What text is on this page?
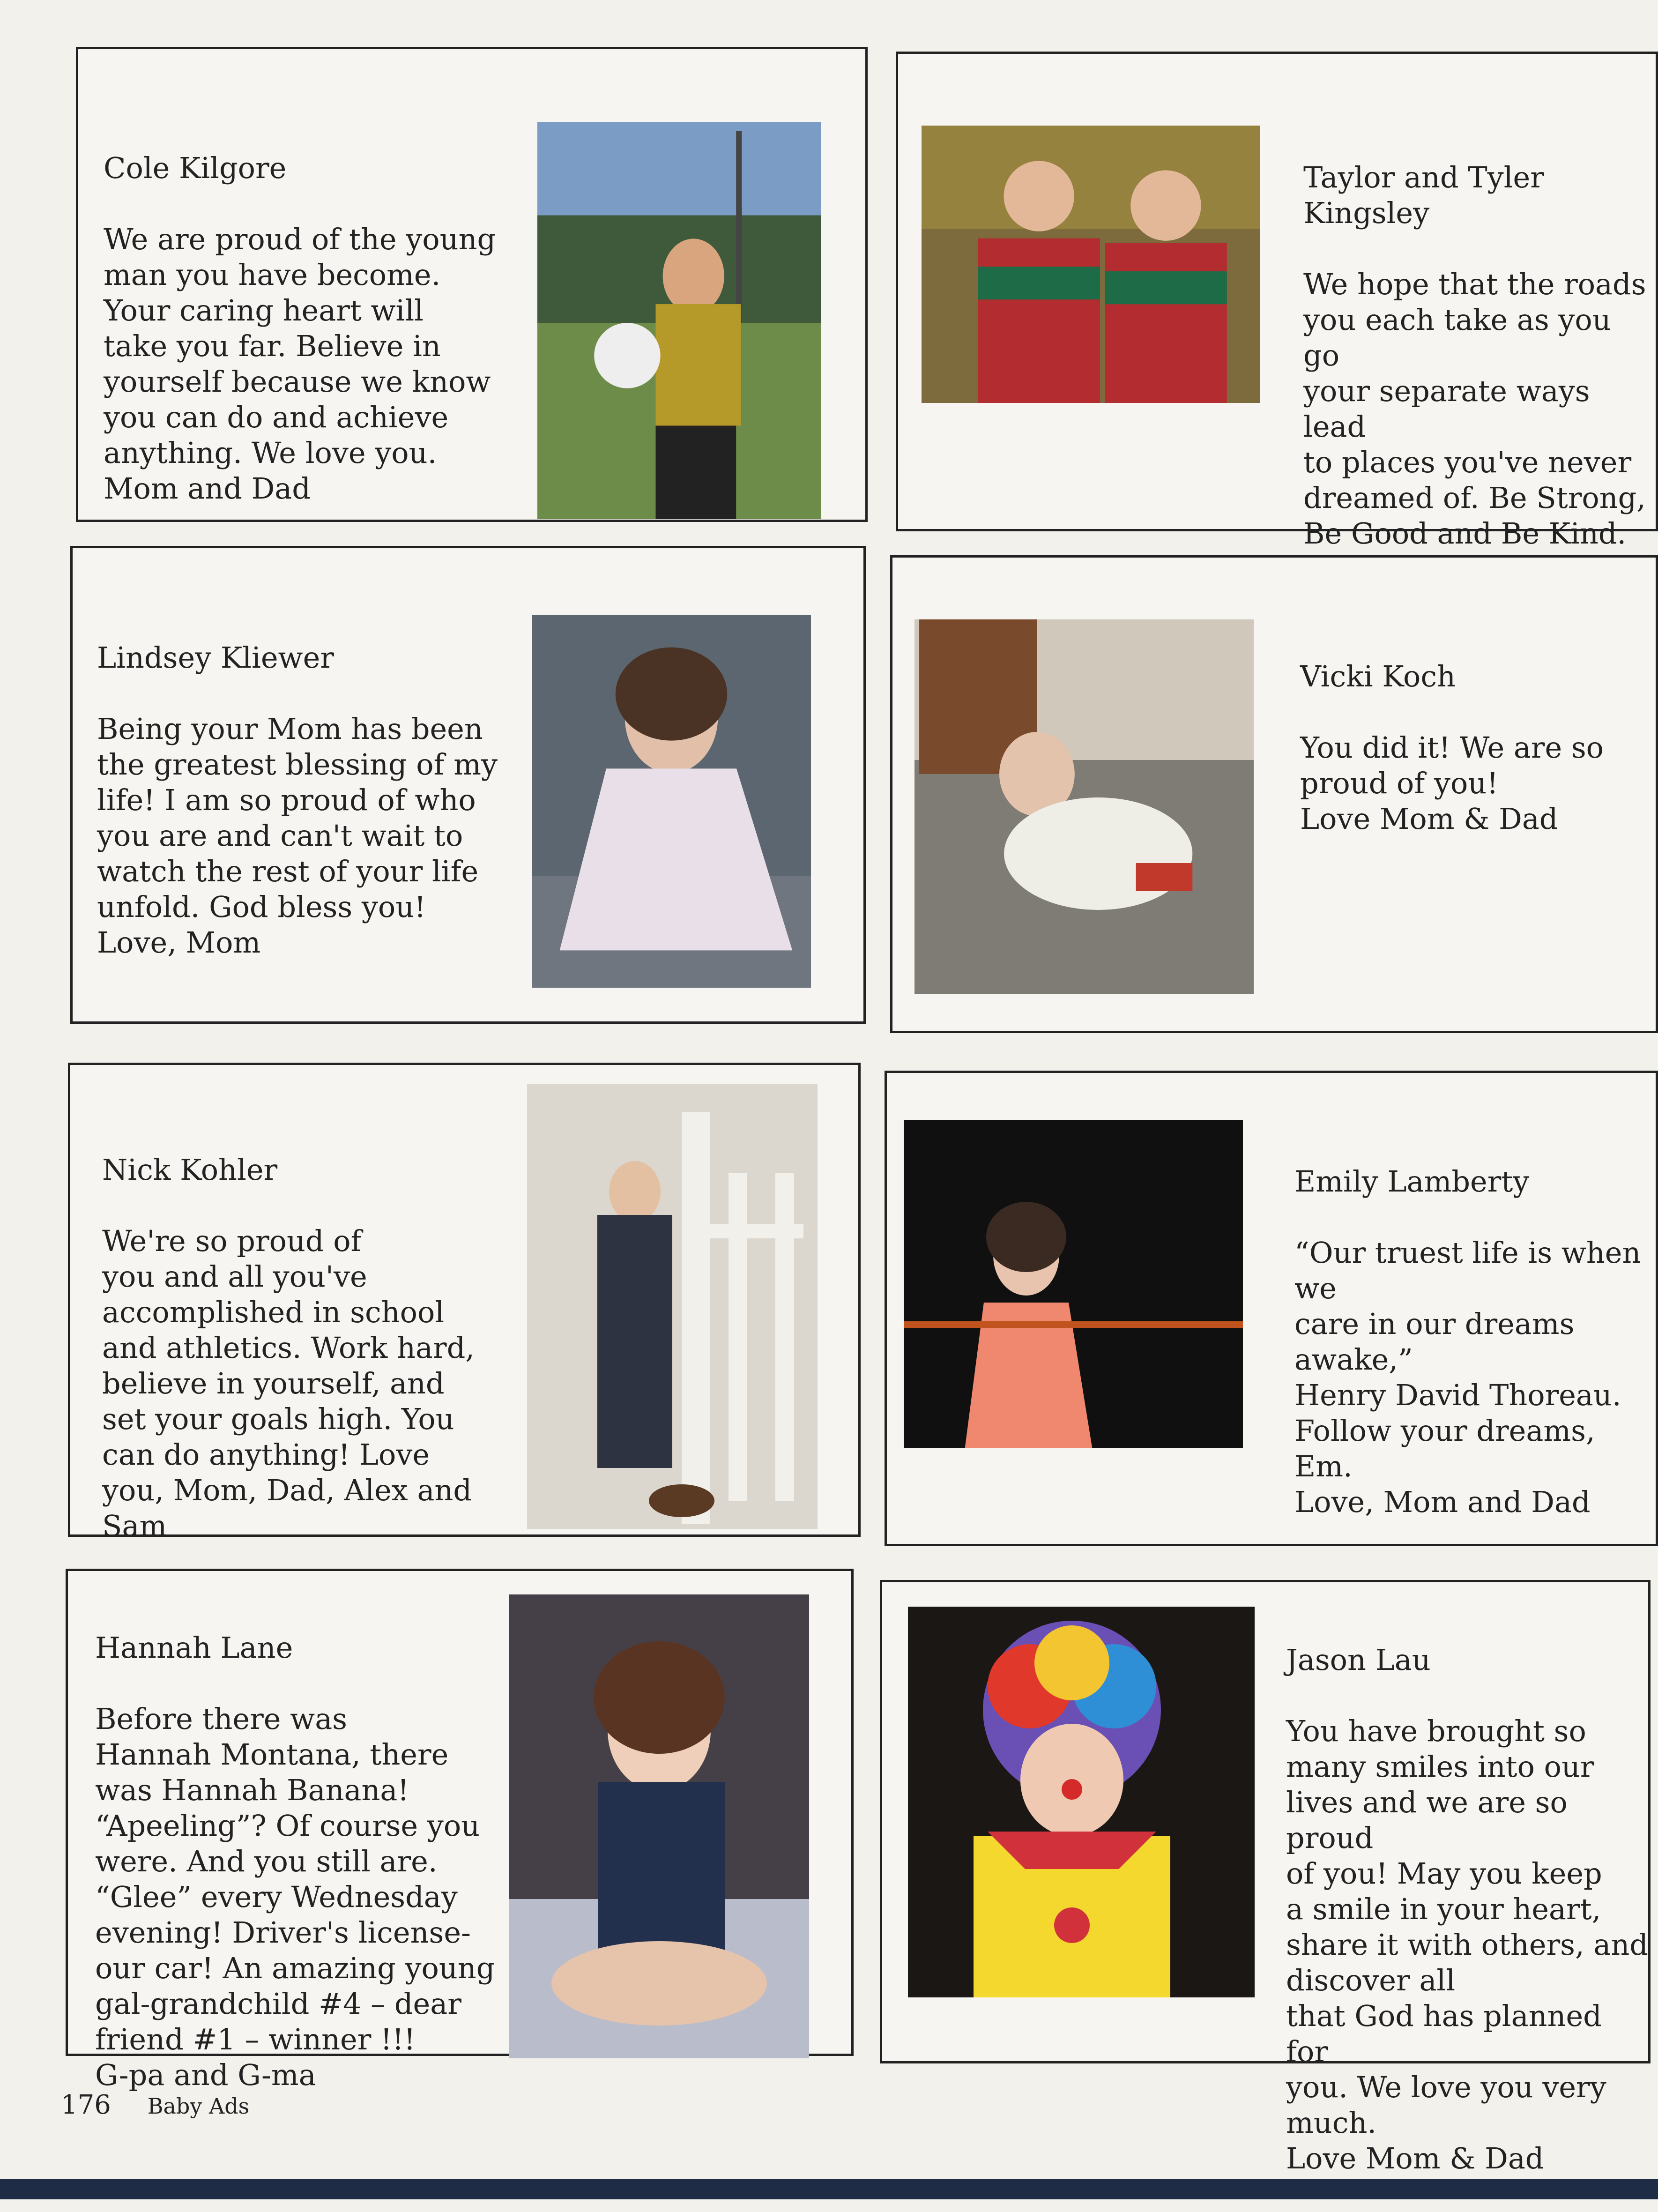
Cole Kilgore

We are proud of the young
man you have become.
Your caring heart will
take you far. Believe in
yourself because we know
you can do and achieve
anything. We love you.
Mom and Dad

Taylor and Tyler Kingsley

We hope that the roads
you each take as you go
your separate ways lead
to places you've never
dreamed of. Be Strong,
Be Good and Be Kind.

Lindsey Kliewer

Being your Mom has been
the greatest blessing of my
life! I am so proud of who
you are and can't wait to
watch the rest of your life
unfold. God bless you!
Love, Mom

Vicki Koch

You did it! We are so
proud of you!
Love Mom & Dad

Nick Kohler

We're so proud of
you and all you've
accomplished in school
and athletics. Work hard,
believe in yourself, and
set your goals high. You
can do anything! Love
you, Mom, Dad, Alex and
Sam

Emily Lamberty

“Our truest life is when we
care in our dreams awake,”
Henry David Thoreau.
Follow your dreams, Em.
Love, Mom and Dad

Hannah Lane

Before there was
Hannah Montana, there
was Hannah Banana!
“Apeeling”? Of course you
were. And you still are.
“Glee” every Wednesday
evening! Driver's license-
our car! An amazing young
gal-grandchild #4 – dear
friend #1 – winner !!!
G-pa and G-ma

Jason Lau

You have brought so
many smiles into our
lives and we are so proud
of you! May you keep
a smile in your heart,
share it with others, and
discover all
that God has planned for
you. We love you very
much.
Love Mom & Dad

176 Baby Ads
